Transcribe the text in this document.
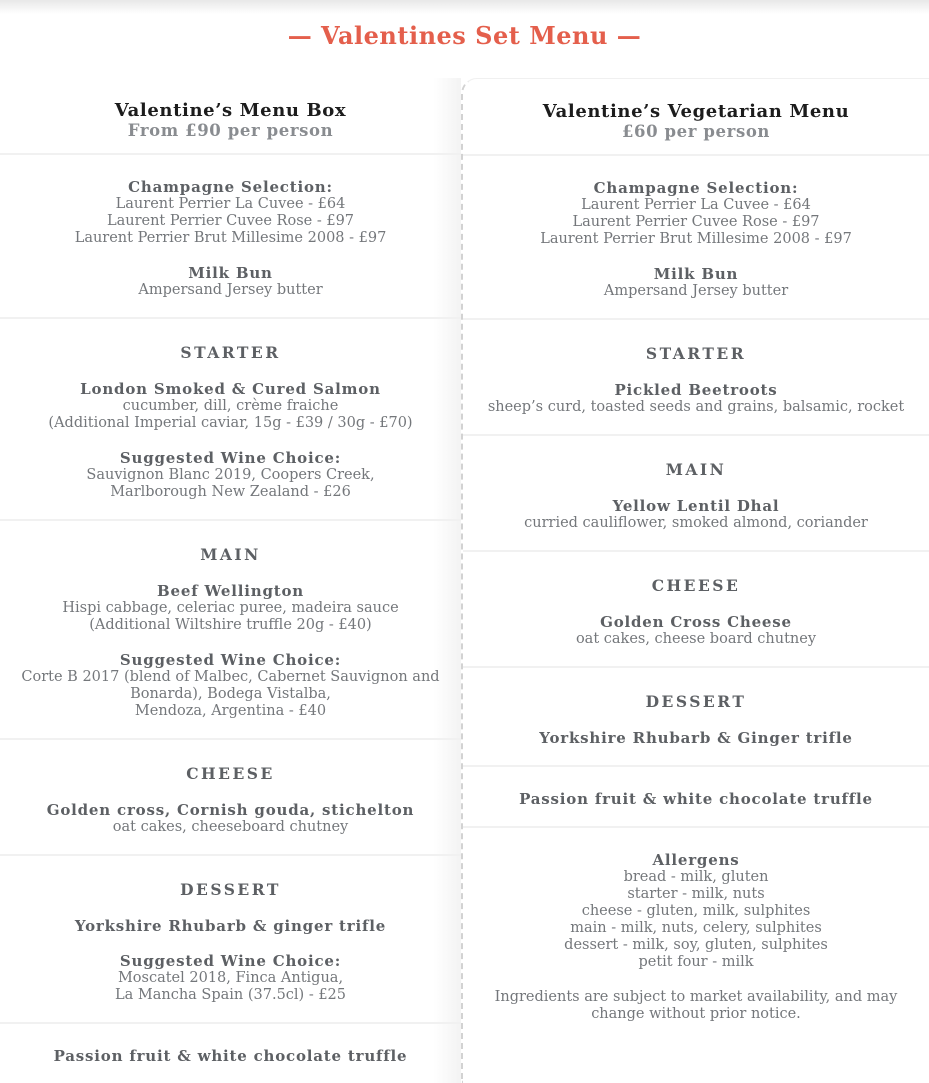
— Valentines Set Menu —
Valentine’s Menu Box
From £90 per person
Champagne Selection:
Laurent Perrier La Cuvee - £64
Laurent Perrier Cuvee Rose - £97
Laurent Perrier Brut Millesime 2008 - £97
Milk Bun
Ampersand Jersey butter
STARTER
London Smoked & Cured Salmon
cucumber, dill, crème fraiche
(Additional Imperial caviar, 15g - £39 / 30g - £70)
Suggested Wine Choice:
Sauvignon Blanc 2019, Coopers Creek,
Marlborough New Zealand - £26
MAIN
Beef Wellington
Hispi cabbage, celeriac puree, madeira sauce
(Additional Wiltshire truffle 20g - £40)
Suggested Wine Choice:
Corte B 2017 (blend of Malbec, Cabernet Sauvignon and
Bonarda), Bodega Vistalba,
Mendoza, Argentina - £40
CHEESE
Golden cross, Cornish gouda, stichelton
oat cakes, cheeseboard chutney
DESSERT
Yorkshire Rhubarb & ginger trifle
Suggested Wine Choice:
Moscatel 2018, Finca Antigua,
La Mancha Spain (37.5cl) - £25
Passion fruit & white chocolate truffle
Valentine’s Vegetarian Menu
£60 per person
Champagne Selection:
Laurent Perrier La Cuvee - £64
Laurent Perrier Cuvee Rose - £97
Laurent Perrier Brut Millesime 2008 - £97
Milk Bun
Ampersand Jersey butter
STARTER
Pickled Beetroots
sheep’s curd, toasted seeds and grains, balsamic, rocket
MAIN
Yellow Lentil Dhal
curried cauliflower, smoked almond, coriander
CHEESE
Golden Cross Cheese
oat cakes, cheese board chutney
DESSERT
Yorkshire Rhubarb & Ginger trifle
Passion fruit & white chocolate truffle
Allergens
bread - milk, gluten
starter - milk, nuts
cheese - gluten, milk, sulphites
main - milk, nuts, celery, sulphites
dessert - milk, soy, gluten, sulphites
petit four - milk
Ingredients are subject to market availability, and may
change without prior notice.
